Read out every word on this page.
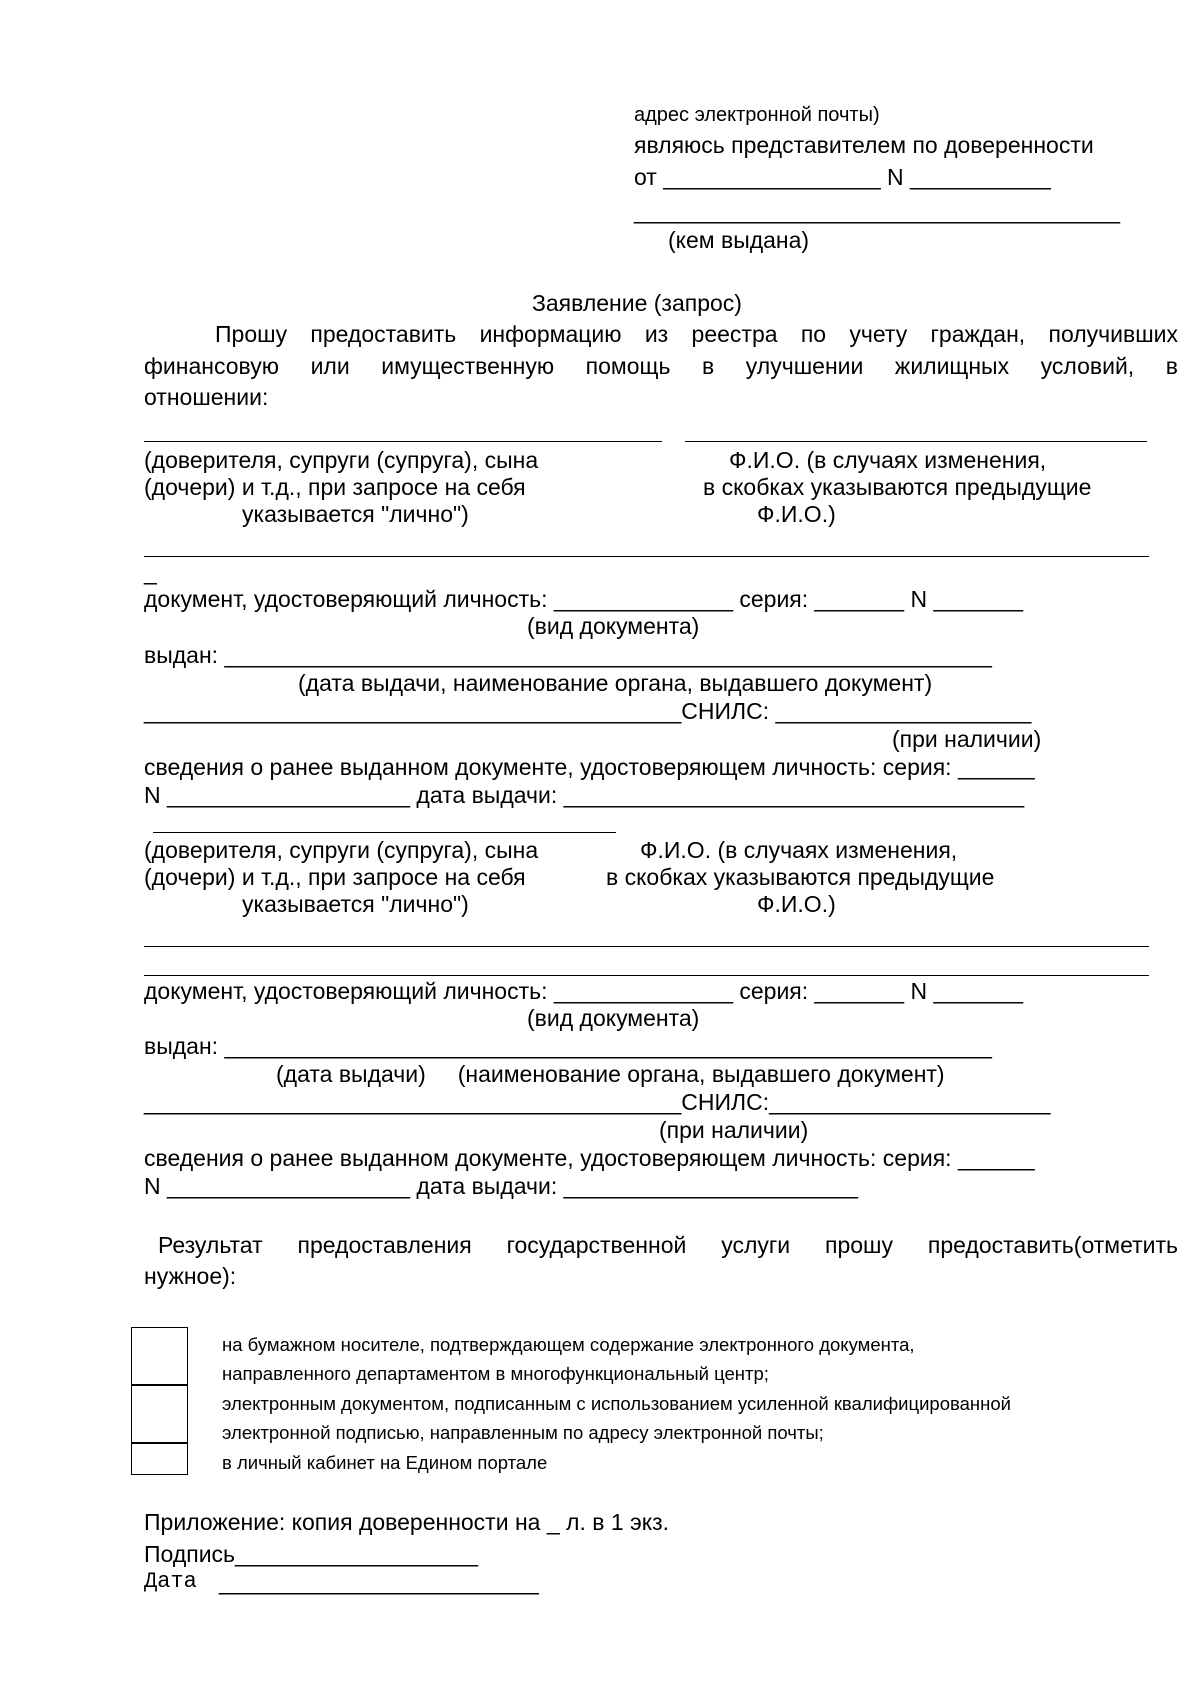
адрес электронной почты)
являюсь представителем по доверенности
от _________________ N ___________
______________________________________
(кем выдана)
Заявление (запрос)
Прошу предоставить информацию из реестра по учету граждан, получивших
финансовую или имущественную помощь в улучшении жилищных условий, в
отношении:
(доверителя, супруги (супруга), сына
(дочери) и т.д., при запросе на себя
указывается "лично")
Ф.И.О. (в случаях изменения,
в скобках указываются предыдущие
Ф.И.О.)
_
документ, удостоверяющий личность: ______________ серия: _______ N _______
(вид документа)
выдан: ____________________________________________________________
(дата выдачи, наименование органа, выдавшего документ)
__________________________________________СНИЛС: ____________________
(при наличии)
сведения о ранее выданном документе, удостоверяющем личность: серия: ______
N ___________________ дата выдачи: ____________________________________
(доверителя, супруги (супруга), сына
(дочери) и т.д., при запросе на себя
указывается "лично")
Ф.И.О. (в случаях изменения,
в скобках указываются предыдущие
Ф.И.О.)
документ, удостоверяющий личность: ______________ серия: _______ N _______
(вид документа)
выдан: ____________________________________________________________
(дата выдачи)     (наименование органа, выдавшего документ)
__________________________________________СНИЛС:______________________
(при наличии)
сведения о ранее выданном документе, удостоверяющем личность: серия: ______
N ___________________ дата выдачи: _______________________
Результат предоставления государственной услуги прошу предоставить(отметить
нужное):
на бумажном носителе, подтверждающем содержание электронного документа,
направленного департаментом в многофункциональный центр;
электронным документом, подписанным с использованием усиленной квалифицированной
электронной подписью, направленным по адресу электронной почты;
в личный кабинет на Едином портале
Приложение: копия доверенности на _ л. в 1 экз.
Подпись___________________
Дата _________________________
